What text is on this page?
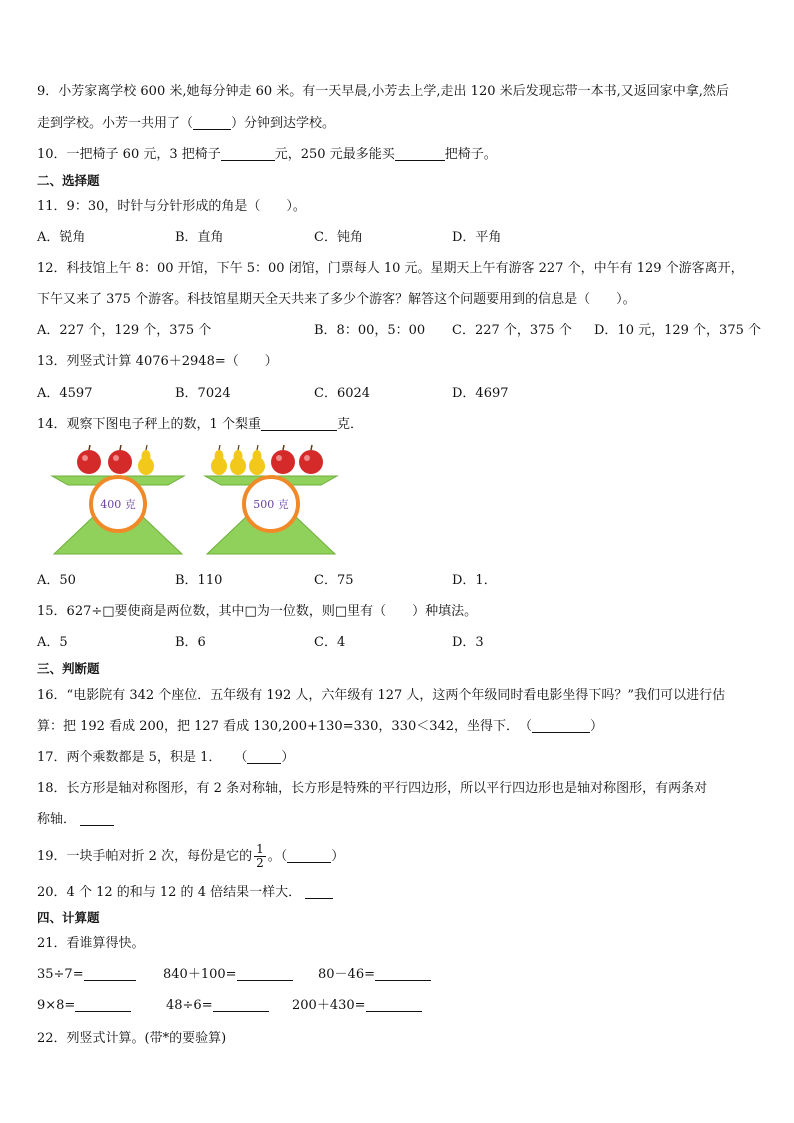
9．小芳家离学校 600 米,她每分钟走 60 米。有一天早晨,小芳去上学,走出 120 米后发现忘带一本书,又返回家中拿,然后
走到学校。小芳一共用了（	）分钟到达学校。
10．一把椅子 60 元，3 把椅子	元，250 元最多能买	把椅子。
二、选择题
11．9：30，时针与分针形成的角是（　　）。
A．锐角	B．直角	C．钝角	D．平角
12．科技馆上午 8：00 开馆，下午 5：00 闭馆，门票每人 10 元。星期天上午有游客 227 个，中午有 129 个游客离开，
下午又来了 375 个游客。科技馆星期天全天共来了多少个游客？解答这个问题要用到的信息是（　　）。
A．227 个，129 个，375 个	B．8：00，5：00 C．227 个，375 个 D．10 元，129 个，375 个
13．列竖式计算 4076＋2948=（　　）
A．4597	B．7024	C．6024	D．4697
14．观察下图电子秤上的数，1 个梨重	克．
400 克	500 克
A．50	B．110	C．75	D．1．
15．627÷□要使商是两位数，其中□为一位数，则□里有（　　）种填法。
A．5	B．6	C．4	D．3
三、判断题
16．“电影院有 342 个座位．五年级有 192 人，六年级有 127 人，这两个年级同时看电影坐得下吗？”我们可以进行估
算：把 192 看成 200，把 127 看成 130,200+130=330，330＜342，坐得下．　（	）
17．两个乘数都是 5，积是 1．　　（	）
18．长方形是轴对称图形，有 2 条对称轴，长方形是特殊的平行四边形，所以平行四边形也是轴对称图形，有两条对
称轴．
19．一块手帕对折 2 次，每份是它的 $\frac{1}{2}$ 。（	）
20．4 个 12 的和与 12 的 4 倍结果一样大．
四、计算题
21．看谁算得快。
35÷7=	840＋100=	80－46=
9×8=	48÷6=	200＋430=
22．列竖式计算。(带*的要验算)
